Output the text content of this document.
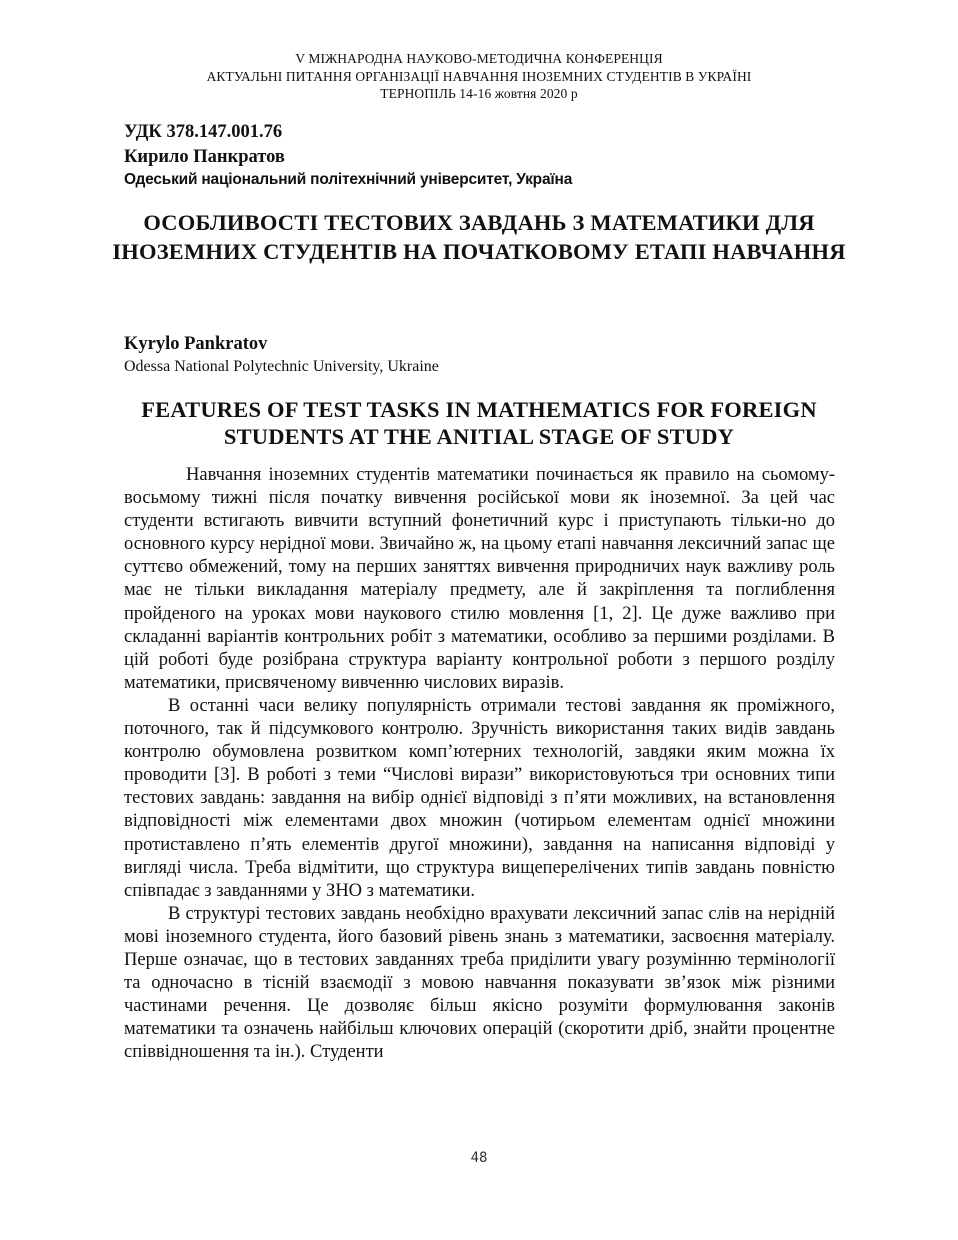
V МІЖНАРОДНА НАУКОВО-МЕТОДИЧНА КОНФЕРЕНЦІЯ
АКТУАЛЬНІ ПИТАННЯ ОРГАНІЗАЦІЇ НАВЧАННЯ ІНОЗЕМНИХ СТУДЕНТІВ В УКРАЇНІ
ТЕРНОПІЛЬ 14-16 жовтня 2020 р
УДК 378.147.001.76
Кирило Панкратов
Одеський національний політехнічний університет, Україна
ОСОБЛИВОСТІ ТЕСТОВИХ ЗАВДАНЬ З МАТЕМАТИКИ ДЛЯ ІНОЗЕМНИХ СТУДЕНТІВ НА ПОЧАТКОВОМУ ЕТАПІ НАВЧАННЯ
Kyrylo Pankratov
Odessa National Polytechnic University, Ukraine
FEATURES OF TEST TASKS IN MATHEMATICS FOR FOREIGN STUDENTS AT THE ANITIAL STAGE OF STUDY

Навчання іноземних студентів математики починається як правило на сьомому-восьмому тижні після початку вивчення російської мови як іноземної. За цей час студенти встигають вивчити вступний фонетичний курс і приступають тільки-но до основного курсу нерідної мови. Звичайно ж, на цьому етапі навчання лексичний запас ще суттєво обмежений, тому на перших заняттях вивчення природничих наук важливу роль має не тільки викладання матеріалу предмету, але й закріплення та поглиблення пройденого на уроках мови наукового стилю мовлення [1, 2]. Це дуже важливо при складанні варіантів контрольних робіт з математики, особливо за першими розділами. В цій роботі буде розібрана структура варіанту контрольної роботи з першого розділу математики, присвяченому вивченню числових виразів.

В останні часи велику популярність отримали тестові завдання як проміжного, поточного, так й підсумкового контролю. Зручність використання таких видів завдань контролю обумовлена розвитком комп’ютерних технологій, завдяки яким можна їх проводити [3]. В роботі з теми “Числові вирази” використовуються три основних типи тестових завдань: завдання на вибір однієї відповіді з п’яти можливих, на встановлення відповідності між елементами двох множин (чотирьом елементам однієї множини протиставлено п’ять елементів другої множини), завдання на написання відповіді у вигляді числа. Треба відмітити, що структура вищеперелічених типів завдань повністю співпадає з завданнями у ЗНО з математики.

В структурі тестових завдань необхідно врахувати лексичний запас слів на нерідній мові іноземного студента, його базовий рівень знань з математики, засвоєння матеріалу. Перше означає, що в тестових завданнях треба приділити увагу розумінню термінології та одночасно в тісній взаємодії з мовою навчання показувати зв’язок між різними частинами речення. Це дозволяє більш якісно розуміти формулювання законів математики та означень найбільш ключових операцій (скоротити дріб, знайти процентне співвідношення та ін.). Студенти

48
